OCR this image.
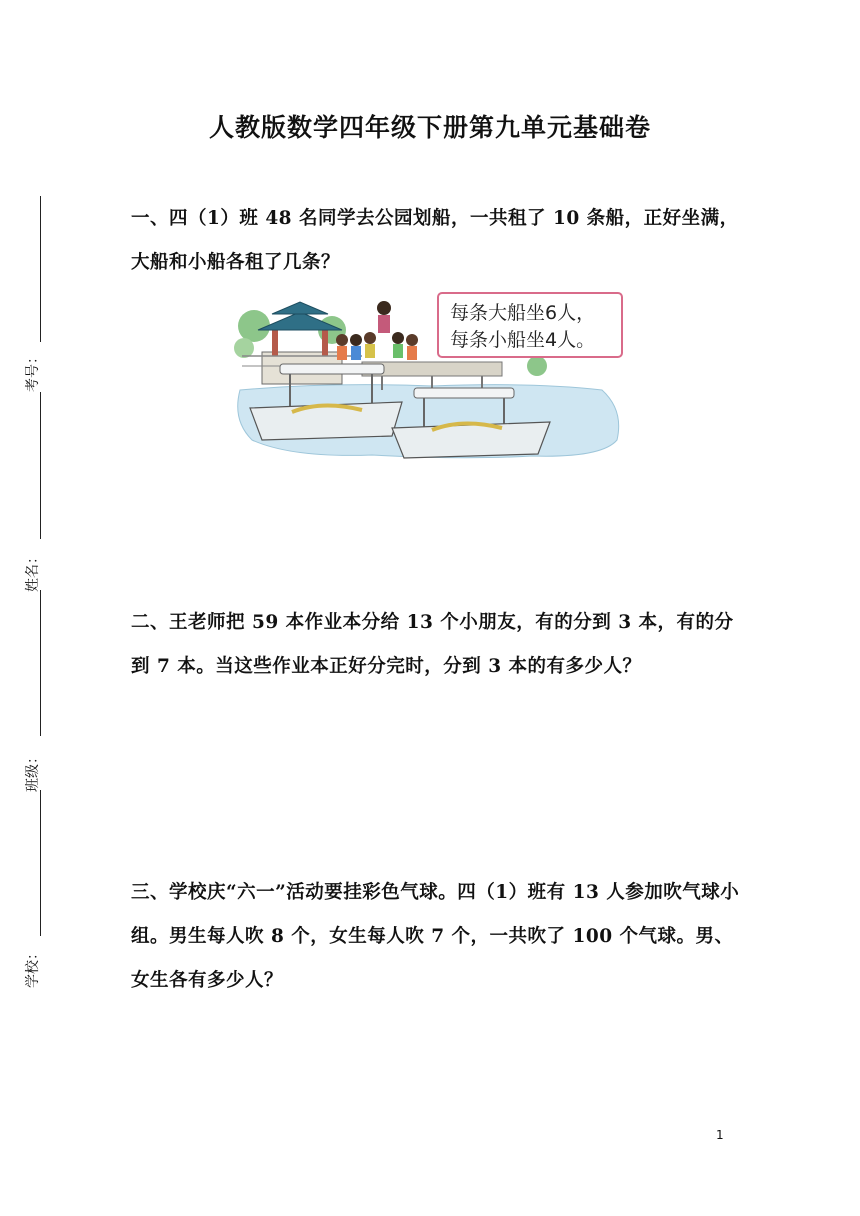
考号：
姓名：
班级：
学校：
人教版数学四年级下册第九单元基础卷
一、四（1）班 48 名同学去公园划船，一共租了 10 条船，正好坐满，大船和小船各租了几条？
每条大船坐6人，
每条小船坐4人。
二、王老师把 59 本作业本分给 13 个小朋友，有的分到 3 本，有的分到 7 本。当这些作业本正好分完时，分到 3 本的有多少人？
三、学校庆“六一”活动要挂彩色气球。四（1）班有 13 人参加吹气球小组。男生每人吹 8 个，女生每人吹 7 个，一共吹了 100 个气球。男、女生各有多少人？
1
